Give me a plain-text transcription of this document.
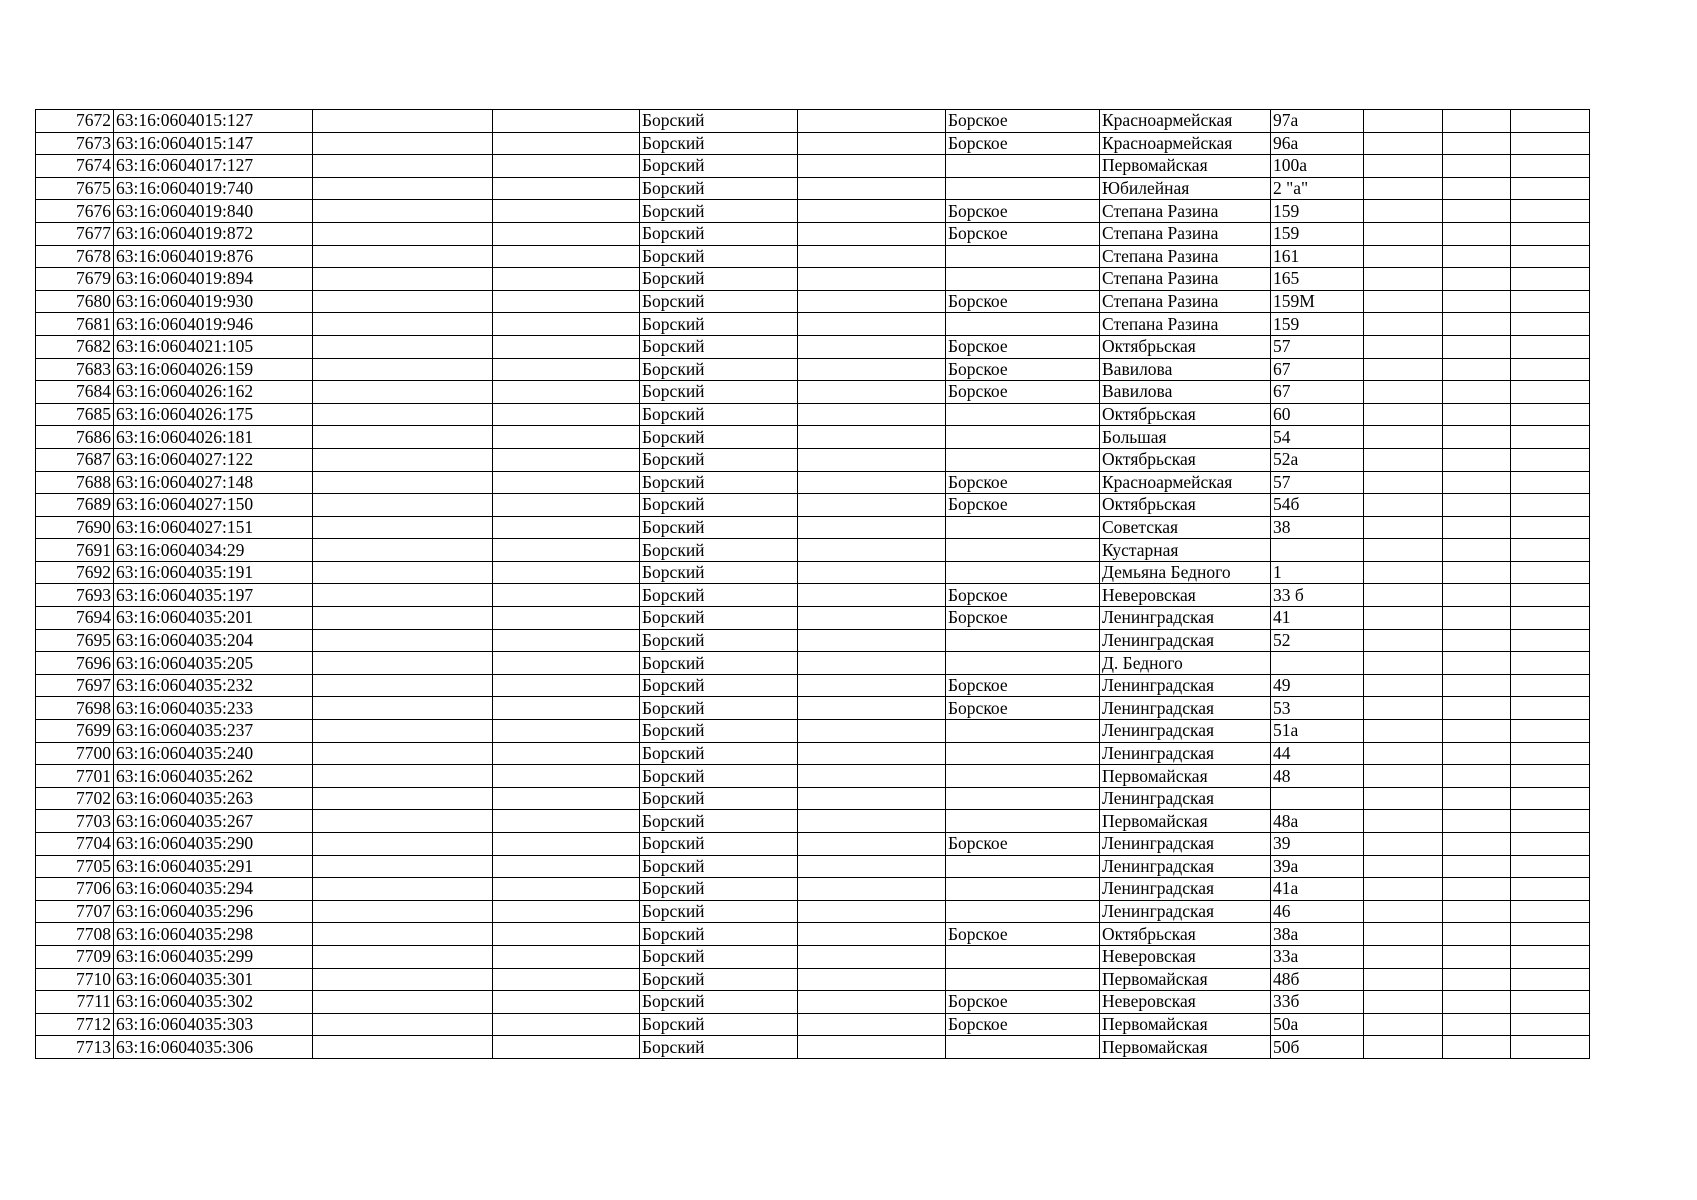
7672	63:16:0604015:127			Борский		Борское	Красноармейская	97а			
7673	63:16:0604015:147			Борский		Борское	Красноармейская	96а			
7674	63:16:0604017:127			Борский			Первомайская	100а			
7675	63:16:0604019:740			Борский			Юбилейная	2 "а"			
7676	63:16:0604019:840			Борский		Борское	Степана Разина	159			
7677	63:16:0604019:872			Борский		Борское	Степана Разина	159			
7678	63:16:0604019:876			Борский			Степана Разина	161			
7679	63:16:0604019:894			Борский			Степана Разина	165			
7680	63:16:0604019:930			Борский		Борское	Степана Разина	159М			
7681	63:16:0604019:946			Борский			Степана Разина	159			
7682	63:16:0604021:105			Борский		Борское	Октябрьская	57			
7683	63:16:0604026:159			Борский		Борское	Вавилова	67			
7684	63:16:0604026:162			Борский		Борское	Вавилова	67			
7685	63:16:0604026:175			Борский			Октябрьская	60			
7686	63:16:0604026:181			Борский			Большая	54			
7687	63:16:0604027:122			Борский			Октябрьская	52а			
7688	63:16:0604027:148			Борский		Борское	Красноармейская	57			
7689	63:16:0604027:150			Борский		Борское	Октябрьская	54б			
7690	63:16:0604027:151			Борский			Советская	38			
7691	63:16:0604034:29			Борский			Кустарная				
7692	63:16:0604035:191			Борский			Демьяна Бедного	1			
7693	63:16:0604035:197			Борский		Борское	Неверовская	33 б			
7694	63:16:0604035:201			Борский		Борское	Ленинградская	41			
7695	63:16:0604035:204			Борский			Ленинградская	52			
7696	63:16:0604035:205			Борский			Д. Бедного				
7697	63:16:0604035:232			Борский		Борское	Ленинградская	49			
7698	63:16:0604035:233			Борский		Борское	Ленинградская	53			
7699	63:16:0604035:237			Борский			Ленинградская	51а			
7700	63:16:0604035:240			Борский			Ленинградская	44			
7701	63:16:0604035:262			Борский			Первомайская	48			
7702	63:16:0604035:263			Борский			Ленинградская				
7703	63:16:0604035:267			Борский			Первомайская	48а			
7704	63:16:0604035:290			Борский		Борское	Ленинградская	39			
7705	63:16:0604035:291			Борский			Ленинградская	39а			
7706	63:16:0604035:294			Борский			Ленинградская	41а			
7707	63:16:0604035:296			Борский			Ленинградская	46			
7708	63:16:0604035:298			Борский		Борское	Октябрьская	38а			
7709	63:16:0604035:299			Борский			Неверовская	33а			
7710	63:16:0604035:301			Борский			Первомайская	48б			
7711	63:16:0604035:302			Борский		Борское	Неверовская	33б			
7712	63:16:0604035:303			Борский		Борское	Первомайская	50а			
7713	63:16:0604035:306			Борский			Первомайская	50б			
